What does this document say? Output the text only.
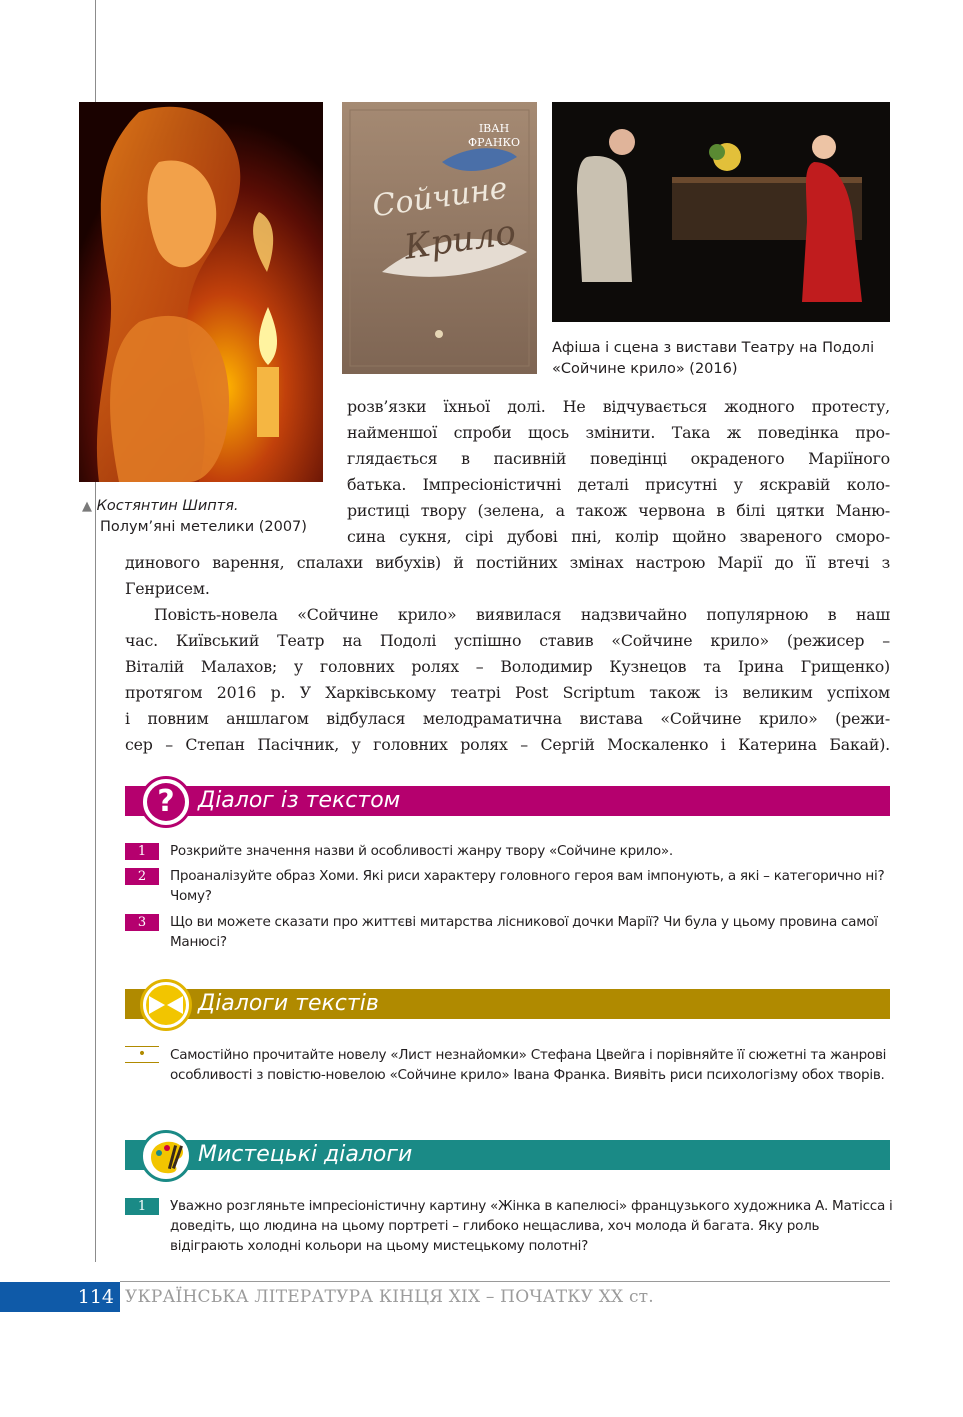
ІВАН ФРАНКО
Сойчине
Крило
Афіша і сцена з вистави Театру на Подолі «Сойчине крило» (2016)
▲ Костянтин Шиптя.
Полум’яні метелики (2007)
розв’язки їхньої долі. Не відчувається жодного протесту,
найменшої спроби щось змінити. Така ж поведінка про-
глядається в пасивній поведінці окраденого Маріїного
батька. Імпресіоністичні деталі присутні у яскравій коло-
ристиці твору (зелена, а також червона в білі цятки Маню-
сина сукня, сірі дубові пні, колір щойно звареного сморо-
динового варення, спалахи вибухів) й постійних змінах настрою Марії до її втечі з
Генрисем.
Повість-новела «Сойчине крило» виявилася надзвичайно популярною в наш
час. Київський Театр на Подолі успішно ставив «Сойчине крило» (режисер –
Віталій Малахов; у головних ролях – Володимир Кузнецов та Ірина Грищенко)
протягом 2016 р. У Харківському театрі Post Scriptum також із великим успіхом
і повним аншлагом відбулася мелодраматична вистава «Сойчине крило» (режи-
сер – Степан Пасічник, у головних ролях – Сергій Москаленко і Катерина Бакай).
Діалог із текстом
?
1	Розкрийте значення назви й особливості жанру твору «Сойчине крило».
2	Проаналізуйте образ Хоми. Які риси характеру головного героя вам імпонують, а які – категорично ні? Чому?
3	Що ви можете сказати про життєві митарства лісникової дочки Марії? Чи була у цьому провина самої Манюсі?
Діалоги текстів
•	Самостійно прочитайте новелу «Лист незнайомки» Стефана Цвейга і порівняйте її сюжетні та жанрові особливості з повістю-новелою «Сойчине крило» Івана Франка. Виявіть риси психологізму обох творів.
Мистецькі діалоги
1	Уважно розгляньте імпресіоністичну картину «Жінка в капелюсі» французького художника А. Матісса і доведіть, що людина на цьому портреті – глибоко нещаслива, хоч молода й багата. Яку роль відіграють холодні кольори на цьому мистецькому полотні?
114 УКРАЇНСЬКА ЛІТЕРАТУРА КІНЦЯ ХІХ – ПОЧАТКУ ХХ ст.
